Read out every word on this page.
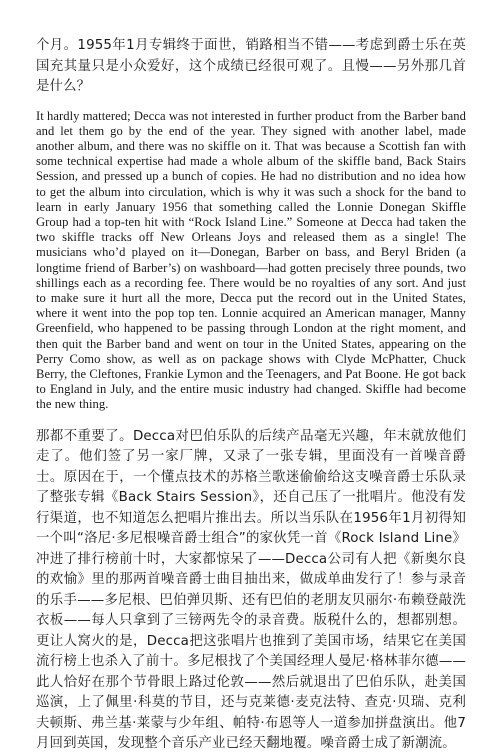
个月。1955年1月专辑终于面世，销路相当不错——考虑到爵士乐在英国充其量只是小众爱好，这个成绩已经很可观了。且慢——另外那几首是什么？

It hardly mattered; Decca was not interested in further product from the Barber band and let them go by the end of the year. They signed with another label, made another album, and there was no skiffle on it. That was because a Scottish fan with some technical expertise had made a whole album of the skiffle band, Back Stairs Session, and pressed up a bunch of copies. He had no distribution and no idea how to get the album into circulation, which is why it was such a shock for the band to learn in early January 1956 that something called the Lonnie Donegan Skiffle Group had a top-ten hit with “Rock Island Line.” Someone at Decca had taken the two skiffle tracks off New Orleans Joys and released them as a single! The musicians who’d played on it—Donegan, Barber on bass, and Beryl Briden (a longtime friend of Barber’s) on washboard—had gotten precisely three pounds, two shillings each as a recording fee. There would be no royalties of any sort. And just to make sure it hurt all the more, Decca put the record out in the United States, where it went into the pop top ten. Lonnie acquired an American manager, Manny Greenfield, who happened to be passing through London at the right moment, and then quit the Barber band and went on tour in the United States, appearing on the Perry Como show, as well as on package shows with Clyde McPhatter, Chuck Berry, the Cleftones, Frankie Lymon and the Teenagers, and Pat Boone. He got back to England in July, and the entire music industry had changed. Skiffle had become the new thing.

那都不重要了。Decca对巴伯乐队的后续产品毫无兴趣，年末就放他们走了。他们签了另一家厂牌，又录了一张专辑，里面没有一首噪音爵士。原因在于，一个懂点技术的苏格兰歌迷偷偷给这支噪音爵士乐队录了整张专辑《Back Stairs Session》，还自己压了一批唱片。他没有发行渠道，也不知道怎么把唱片推出去。所以当乐队在1956年1月初得知一个叫“洛尼·多尼根噪音爵士组合”的家伙凭一首《Rock Island Line》冲进了排行榜前十时，大家都惊呆了——Decca公司有人把《新奥尔良的欢愉》里的那两首噪音爵士曲目抽出来，做成单曲发行了！参与录音的乐手——多尼根、巴伯弹贝斯、还有巴伯的老朋友贝丽尔·布赖登敲洗衣板——每人只拿到了三镑两先令的录音费。版税什么的，想都别想。更让人窝火的是，Decca把这张唱片也推到了美国市场，结果它在美国流行榜上也杀入了前十。多尼根找了个美国经理人曼尼·格林菲尔德——此人恰好在那个节骨眼上路过伦敦——然后就退出了巴伯乐队，赴美国巡演，上了佩里·科莫的节目，还与克莱德·麦克法特、查克·贝瑞、克利夫顿斯、弗兰基·莱蒙与少年组、帕特·布恩等人一道参加拼盘演出。他7月回到英国，发现整个音乐产业已经天翻地覆。噪音爵士成了新潮流。
